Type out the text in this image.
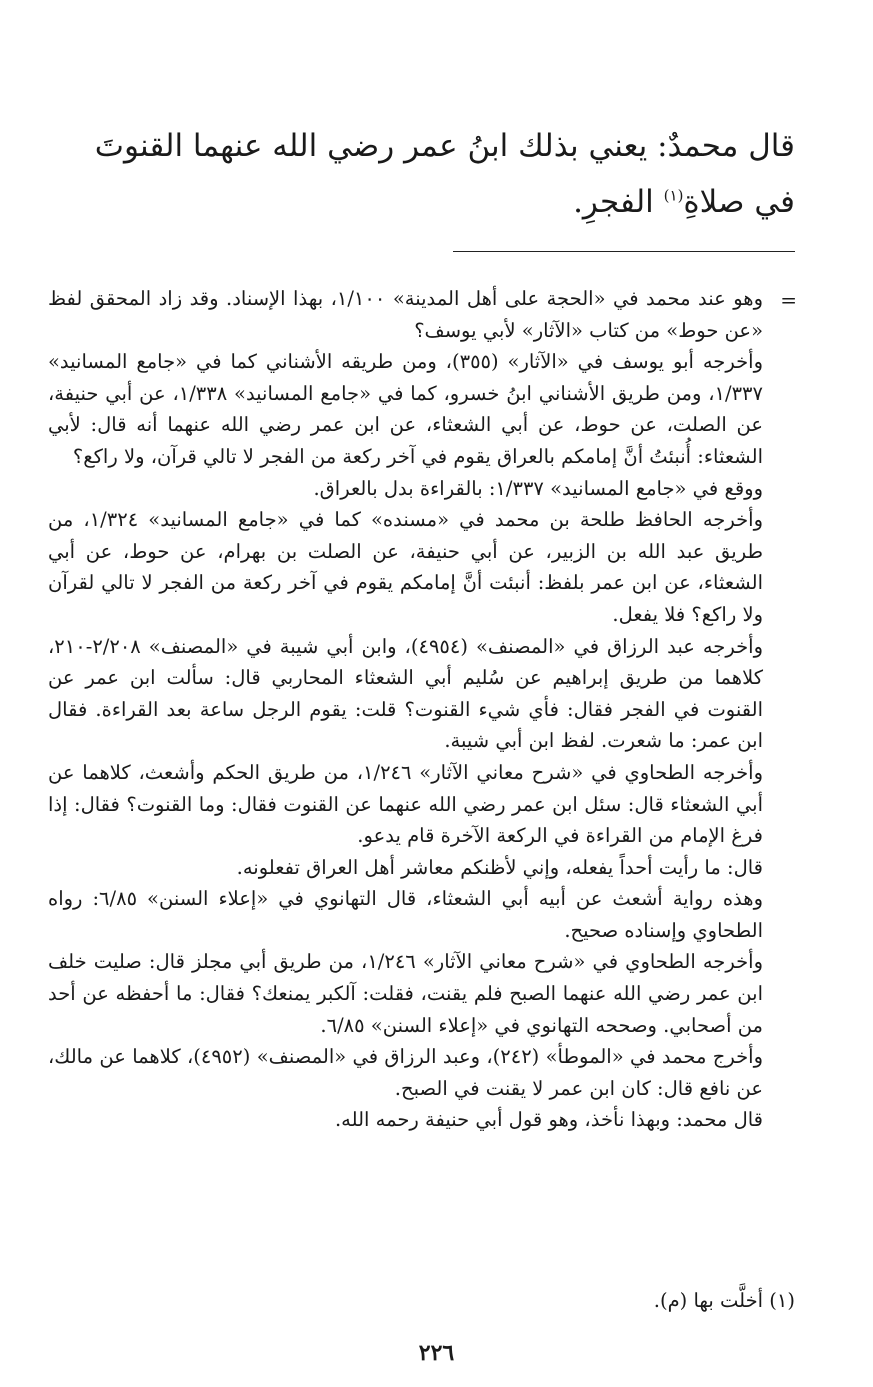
قال محمدٌ: يعني بذلك ابنُ عمر رضي الله عنهما القنوتَ في صلاةِ$^{(١)}$ الفجرِ.
=

وهو عند محمد في «الحجة على أهل المدينة» ١/١٠٠، بهذا الإسناد. وقد زاد المحقق لفظ «عن حوط» من كتاب «الآثار» لأبي يوسف؟

وأخرجه أبو يوسف في «الآثار» (٣٥٥)، ومن طريقه الأشناني كما في «جامع المسانيد» ١/٣٣٧، ومن طريق الأشناني ابنُ خسرو، كما في «جامع المسانيد» ١/٣٣٨، عن أبي حنيفة، عن الصلت، عن حوط، عن أبي الشعثاء، عن ابن عمر رضي الله عنهما أنه قال: لأبي الشعثاء: أُنبئتُ أنَّ إمامكم بالعراق يقوم في آخر ركعة من الفجر لا تالي قرآن، ولا راكع؟

ووقع في «جامع المسانيد» ١/٣٣٧: بالقراءة بدل بالعراق.

وأخرجه الحافظ طلحة بن محمد في «مسنده» كما في «جامع المسانيد» ١/٣٢٤، من طريق عبد الله بن الزبير، عن أبي حنيفة، عن الصلت بن بهرام، عن حوط، عن أبي الشعثاء، عن ابن عمر بلفظ: أنبئت أنَّ إمامكم يقوم في آخر ركعة من الفجر لا تالي لقرآن ولا راكع؟ فلا يفعل.

وأخرجه عبد الرزاق في «المصنف» (٤٩٥٤)، وابن أبي شيبة في «المصنف» ٢/٢٠٨-٢١٠، كلاهما من طريق إبراهيم عن سُليم أبي الشعثاء المحاربي قال: سألت ابن عمر عن القنوت في الفجر فقال: فأي شيء القنوت؟ قلت: يقوم الرجل ساعة بعد القراءة. فقال ابن عمر: ما شعرت. لفظ ابن أبي شيبة.

وأخرجه الطحاوي في «شرح معاني الآثار» ١/٢٤٦، من طريق الحكم وأشعث، كلاهما عن أبي الشعثاء قال: سئل ابن عمر رضي الله عنهما عن القنوت فقال: وما القنوت؟ فقال: إذا فرغ الإمام من القراءة في الركعة الآخرة قام يدعو.

قال: ما رأيت أحداً يفعله، وإني لأظنكم معاشر أهل العراق تفعلونه.

وهذه رواية أشعث عن أبيه أبي الشعثاء، قال التهانوي في «إعلاء السنن» ٦/٨٥: رواه الطحاوي وإسناده صحيح.

وأخرجه الطحاوي في «شرح معاني الآثار» ١/٢٤٦، من طريق أبي مجلز قال: صليت خلف ابن عمر رضي الله عنهما الصبح فلم يقنت، فقلت: آلكبر يمنعك؟ فقال: ما أحفظه عن أحد من أصحابي. وصححه التهانوي في «إعلاء السنن» ٦/٨٥.

وأخرج محمد في «الموطأ» (٢٤٢)، وعبد الرزاق في «المصنف» (٤٩٥٢)، كلاهما عن مالك، عن نافع قال: كان ابن عمر لا يقنت في الصبح.

قال محمد: وبهذا نأخذ، وهو قول أبي حنيفة رحمه الله.

(١) أخلَّت بها (م).
٢٢٦
